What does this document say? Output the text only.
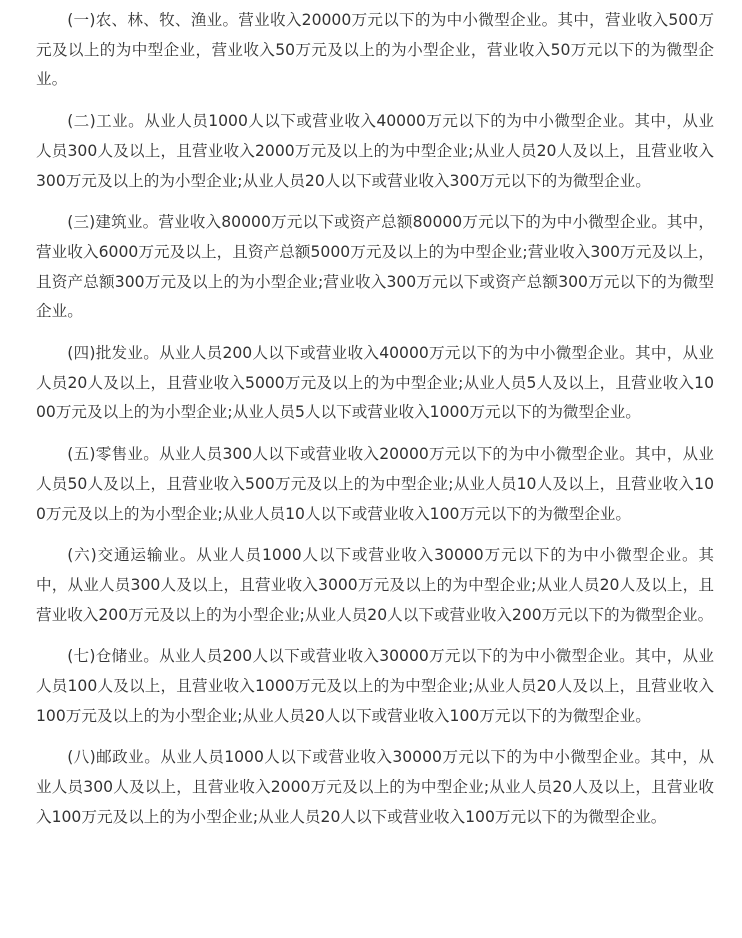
(一)农、林、牧、渔业。营业收入20000万元以下的为中小微型企业。其中，营业收入500万元及以上的为中型企业，营业收入50万元及以上的为小型企业，营业收入50万元以下的为微型企业。

(二)工业。从业人员1000人以下或营业收入40000万元以下的为中小微型企业。其中，从业人员300人及以上，且营业收入2000万元及以上的为中型企业;从业人员20人及以上，且营业收入300万元及以上的为小型企业;从业人员20人以下或营业收入300万元以下的为微型企业。

(三)建筑业。营业收入80000万元以下或资产总额80000万元以下的为中小微型企业。其中，营业收入6000万元及以上，且资产总额5000万元及以上的为中型企业;营业收入300万元及以上，且资产总额300万元及以上的为小型企业;营业收入300万元以下或资产总额300万元以下的为微型企业。

(四)批发业。从业人员200人以下或营业收入40000万元以下的为中小微型企业。其中，从业人员20人及以上，且营业收入5000万元及以上的为中型企业;从业人员5人及以上，且营业收入1000万元及以上的为小型企业;从业人员5人以下或营业收入1000万元以下的为微型企业。

(五)零售业。从业人员300人以下或营业收入20000万元以下的为中小微型企业。其中，从业人员50人及以上，且营业收入500万元及以上的为中型企业;从业人员10人及以上，且营业收入100万元及以上的为小型企业;从业人员10人以下或营业收入100万元以下的为微型企业。

(六)交通运输业。从业人员1000人以下或营业收入30000万元以下的为中小微型企业。其中，从业人员300人及以上，且营业收入3000万元及以上的为中型企业;从业人员20人及以上，且营业收入200万元及以上的为小型企业;从业人员20人以下或营业收入200万元以下的为微型企业。

(七)仓储业。从业人员200人以下或营业收入30000万元以下的为中小微型企业。其中，从业人员100人及以上，且营业收入1000万元及以上的为中型企业;从业人员20人及以上，且营业收入100万元及以上的为小型企业;从业人员20人以下或营业收入100万元以下的为微型企业。

(八)邮政业。从业人员1000人以下或营业收入30000万元以下的为中小微型企业。其中，从业人员300人及以上，且营业收入2000万元及以上的为中型企业;从业人员20人及以上，且营业收入100万元及以上的为小型企业;从业人员20人以下或营业收入100万元以下的为微型企业。
